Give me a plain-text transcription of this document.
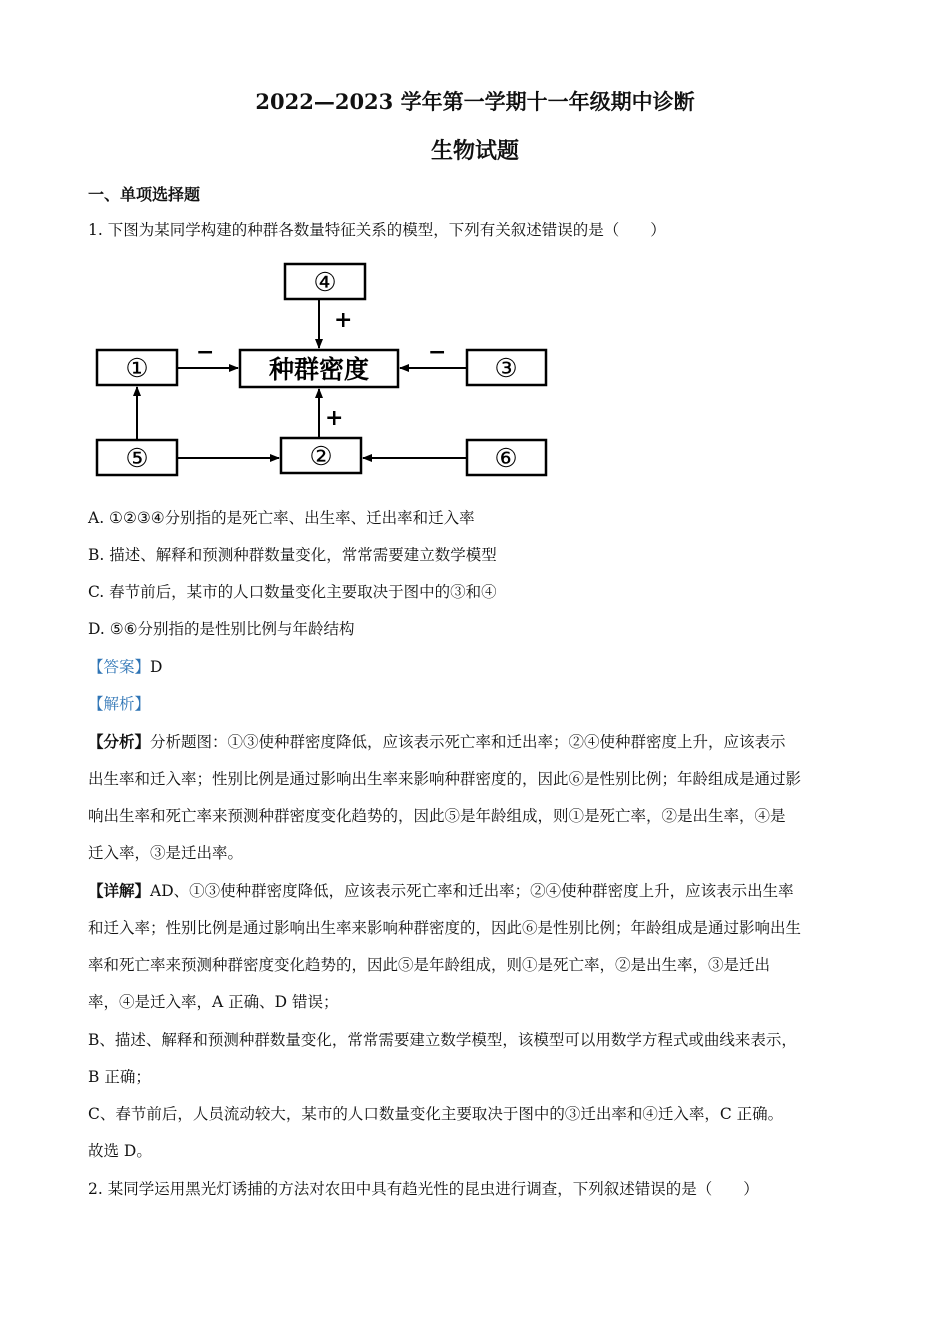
2022—2023 学年第一学期十一年级期中诊断
生物试题
一、单项选择题
1. 下图为某同学构建的种群各数量特征关系的模型，下列有关叙述错误的是（　　）
④
种群密度
①	③
⑤	②	⑥
+
−	−
+
A. ①②③④分别指的是死亡率、出生率、迁出率和迁入率
B. 描述、解释和预测种群数量变化，常常需要建立数学模型
C. 春节前后，某市的人口数量变化主要取决于图中的③和④
D. ⑤⑥分别指的是性别比例与年龄结构
【答案】D
【解析】
【分析】分析题图：①③使种群密度降低，应该表示死亡率和迁出率；②④使种群密度上升，应该表示
出生率和迁入率；性别比例是通过影响出生率来影响种群密度的，因此⑥是性别比例；年龄组成是通过影
响出生率和死亡率来预测种群密度变化趋势的，因此⑤是年龄组成，则①是死亡率，②是出生率，④是
迁入率，③是迁出率。
【详解】AD、①③使种群密度降低，应该表示死亡率和迁出率；②④使种群密度上升，应该表示出生率
和迁入率；性别比例是通过影响出生率来影响种群密度的，因此⑥是性别比例；年龄组成是通过影响出生
率和死亡率来预测种群密度变化趋势的，因此⑤是年龄组成，则①是死亡率，②是出生率，③是迁出
率，④是迁入率，A 正确、D 错误；
B、描述、解释和预测种群数量变化，常常需要建立数学模型，该模型可以用数学方程式或曲线来表示，
B 正确；
C、春节前后，人员流动较大，某市的人口数量变化主要取决于图中的③迁出率和④迁入率，C 正确。
故选 D。
2. 某同学运用黑光灯诱捕的方法对农田中具有趋光性的昆虫进行调查，下列叙述错误的是（　　）
